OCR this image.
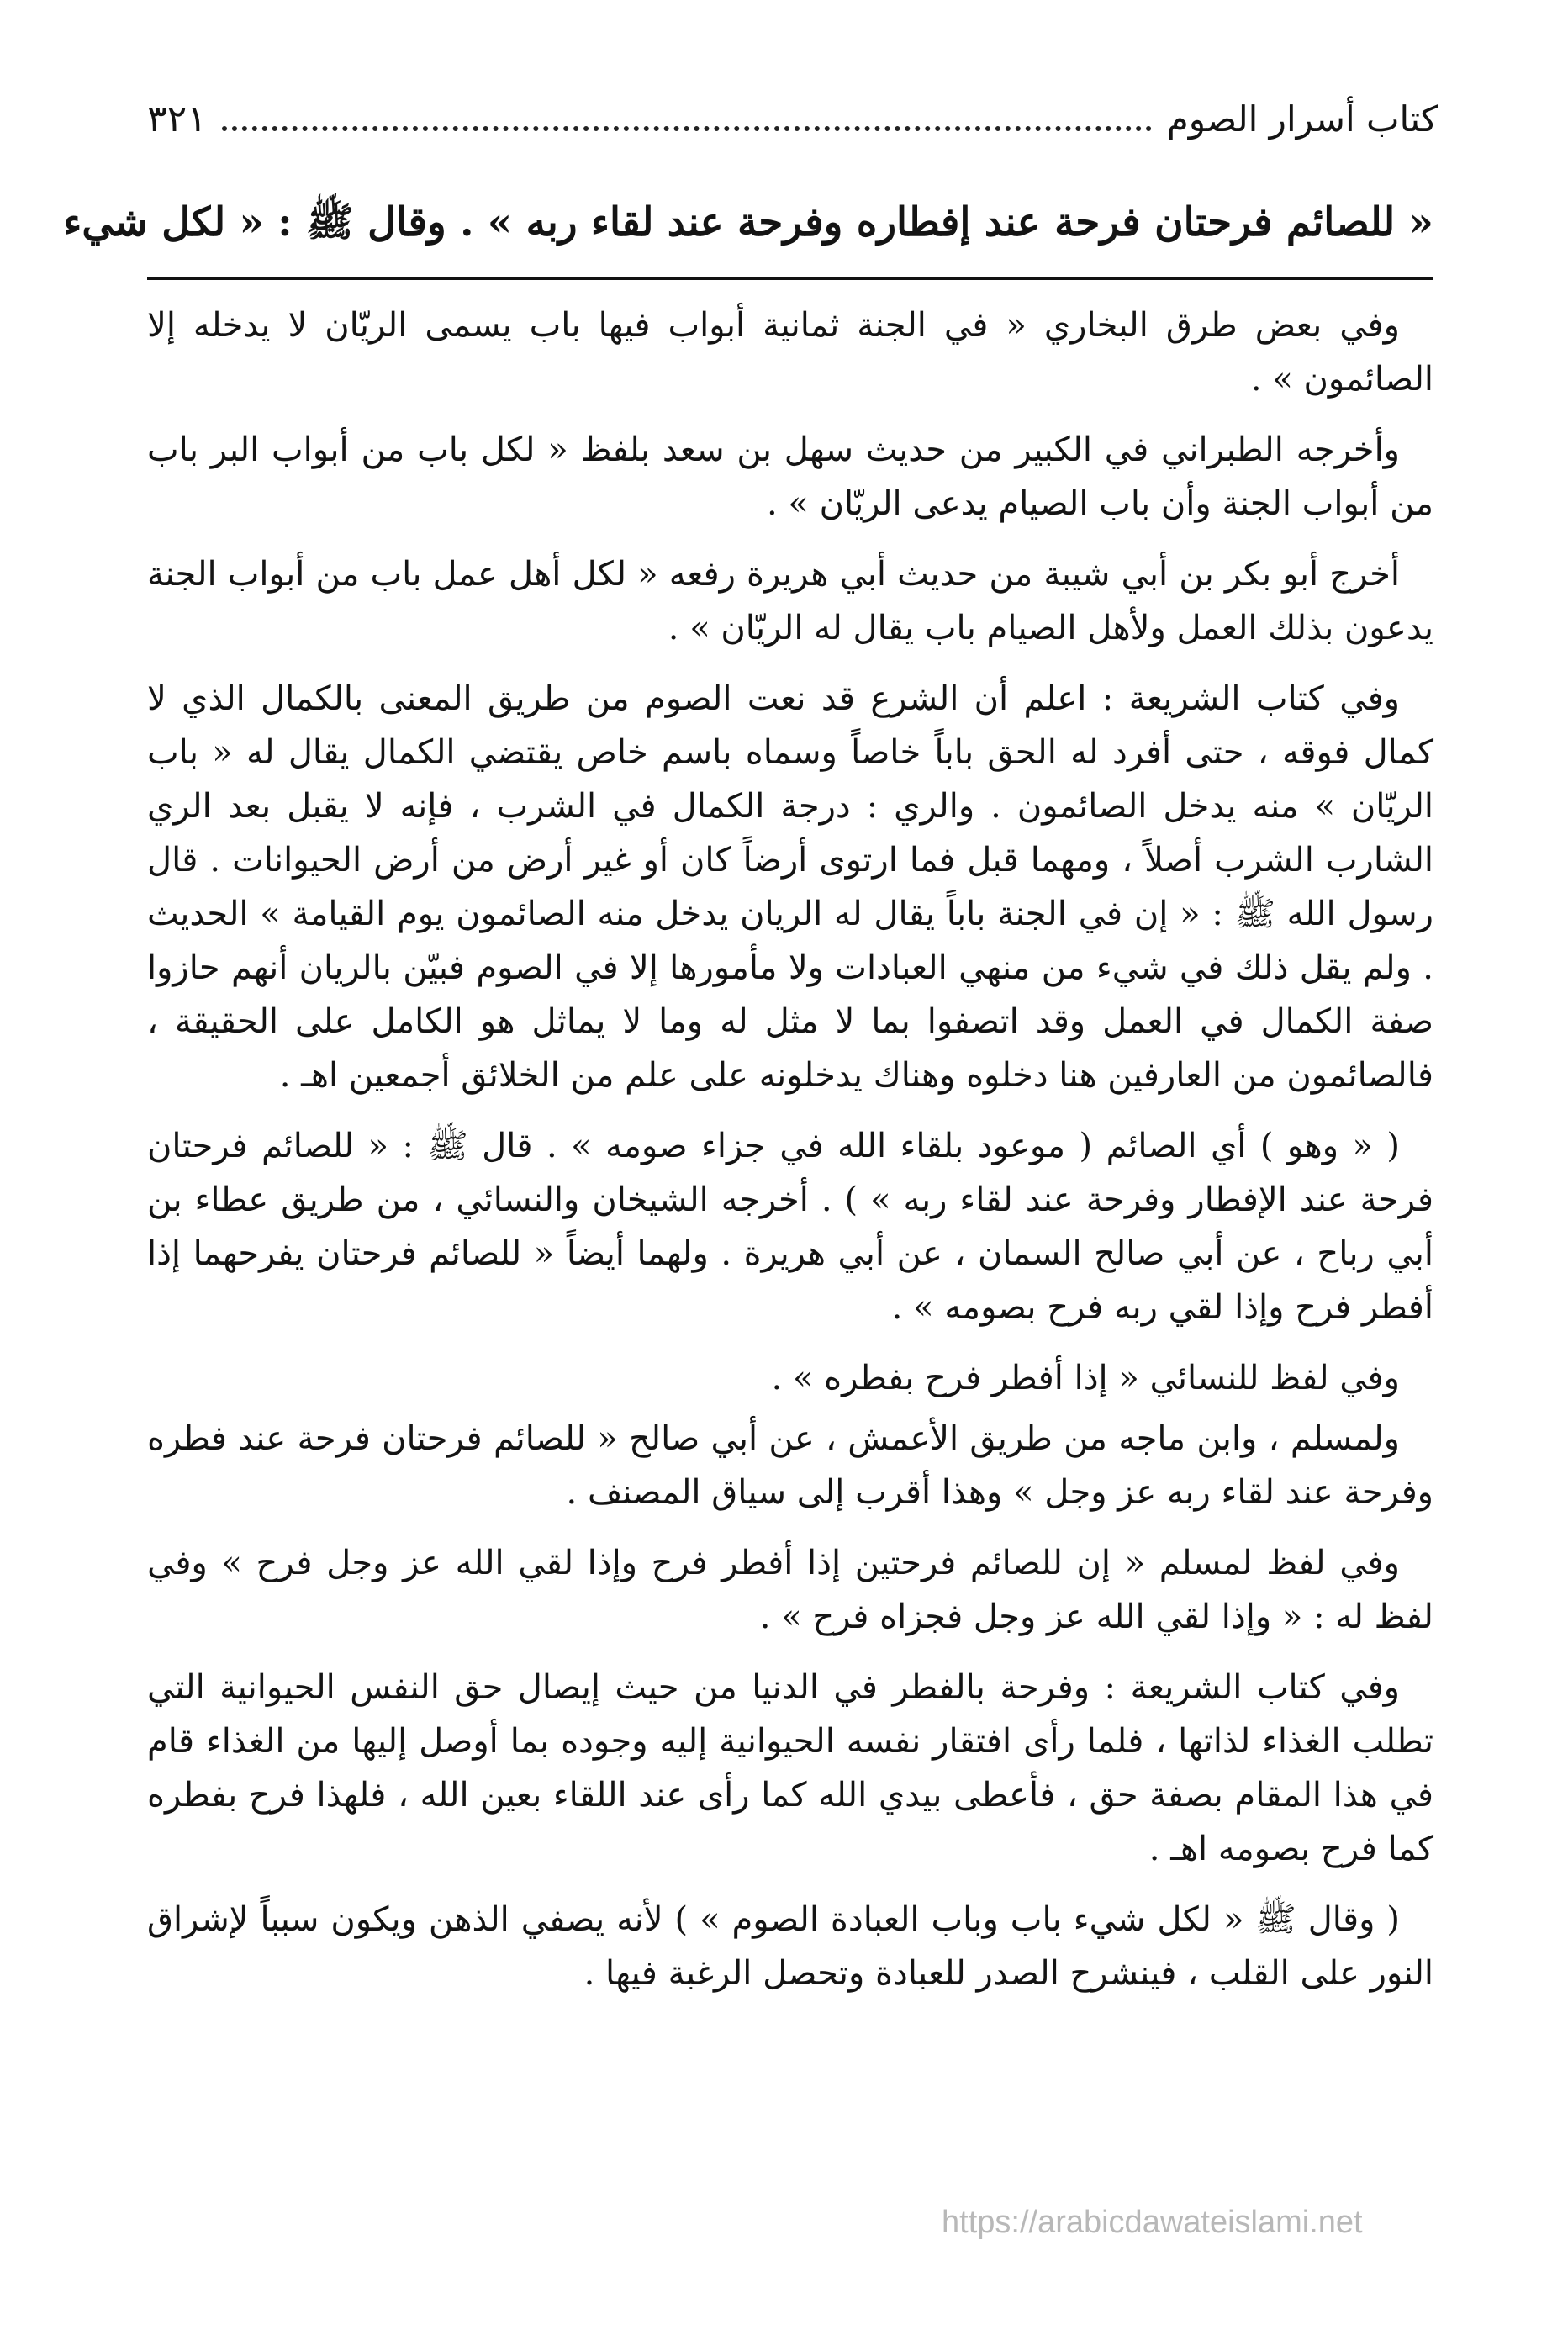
كتاب أسرار الصوم
٣٢١
« للصائم فرحتان فرحة عند إفطاره وفرحة عند لقاء ربه » . وقال ﷺ : « لكل شيء

وفي بعض طرق البخاري « في الجنة ثمانية أبواب فيها باب يسمى الريّان لا يدخله إلا الصائمون » .

وأخرجه الطبراني في الكبير من حديث سهل بن سعد بلفظ « لكل باب من أبواب البر باب من أبواب الجنة وأن باب الصيام يدعى الريّان » .

أخرج أبو بكر بن أبي شيبة من حديث أبي هريرة رفعه « لكل أهل عمل باب من أبواب الجنة يدعون بذلك العمل ولأهل الصيام باب يقال له الريّان » .

وفي كتاب الشريعة : اعلم أن الشرع قد نعت الصوم من طريق المعنى بالكمال الذي لا كمال فوقه ، حتى أفرد له الحق باباً خاصاً وسماه باسم خاص يقتضي الكمال يقال له « باب الريّان » منه يدخل الصائمون . والري : درجة الكمال في الشرب ، فإنه لا يقبل بعد الري الشارب الشرب أصلاً ، ومهما قبل فما ارتوى أرضاً كان أو غير أرض من أرض الحيوانات . قال رسول الله ﷺ : « إن في الجنة باباً يقال له الريان يدخل منه الصائمون يوم القيامة » الحديث . ولم يقل ذلك في شيء من منهي العبادات ولا مأمورها إلا في الصوم فبيّن بالريان أنهم حازوا صفة الكمال في العمل وقد اتصفوا بما لا مثل له وما لا يماثل هو الكامل على الحقيقة ، فالصائمون من العارفين هنا دخلوه وهناك يدخلونه على علم من الخلائق أجمعين اهـ .

( « وهو ) أي الصائم ( موعود بلقاء الله في جزاء صومه » . قال ﷺ : « للصائم فرحتان فرحة عند الإفطار وفرحة عند لقاء ربه » ) . أخرجه الشيخان والنسائي ، من طريق عطاء بن أبي رباح ، عن أبي صالح السمان ، عن أبي هريرة . ولهما أيضاً « للصائم فرحتان يفرحهما إذا أفطر فرح وإذا لقي ربه فرح بصومه » .

وفي لفظ للنسائي « إذا أفطر فرح بفطره » .

ولمسلم ، وابن ماجه من طريق الأعمش ، عن أبي صالح « للصائم فرحتان فرحة عند فطره وفرحة عند لقاء ربه عز وجل » وهذا أقرب إلى سياق المصنف .

وفي لفظ لمسلم « إن للصائم فرحتين إذا أفطر فرح وإذا لقي الله عز وجل فرح » وفي لفظ له : « وإذا لقي الله عز وجل فجزاه فرح » .

وفي كتاب الشريعة : وفرحة بالفطر في الدنيا من حيث إيصال حق النفس الحيوانية التي تطلب الغذاء لذاتها ، فلما رأى افتقار نفسه الحيوانية إليه وجوده بما أوصل إليها من الغذاء قام في هذا المقام بصفة حق ، فأعطى بيدي الله كما رأى عند اللقاء بعين الله ، فلهذا فرح بفطره كما فرح بصومه اهـ .

( وقال ﷺ « لكل شيء باب وباب العبادة الصوم » ) لأنه يصفي الذهن ويكون سبباً لإشراق النور على القلب ، فينشرح الصدر للعبادة وتحصل الرغبة فيها .

https://arabicdawateislami.net
